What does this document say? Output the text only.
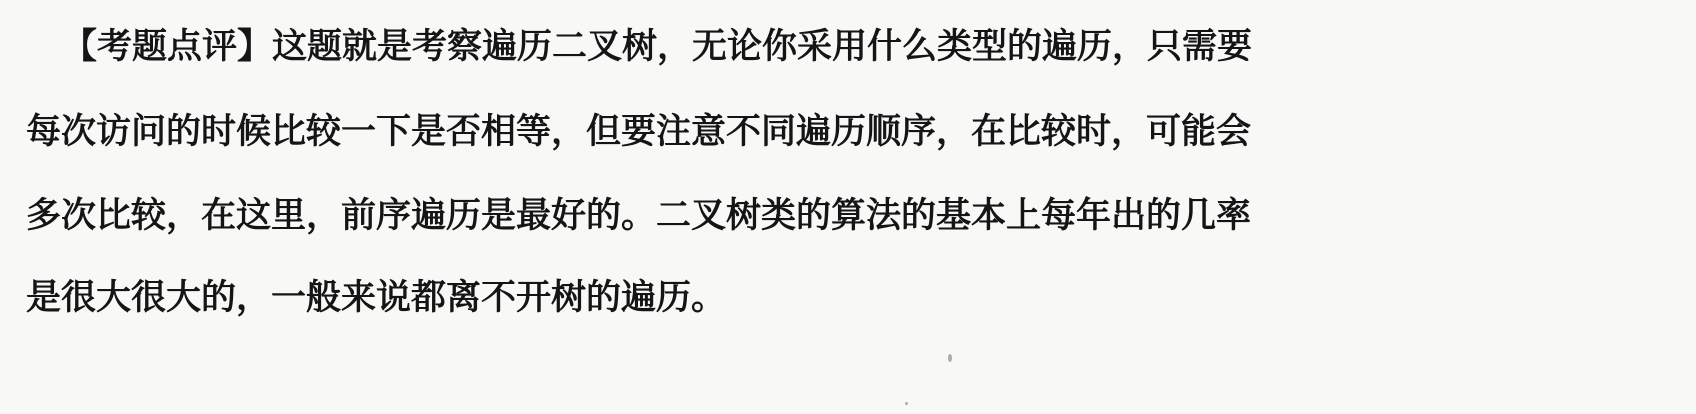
【考题点评】这题就是考察遍历二叉树，无论你采用什么类型的遍历，只需要
每次访问的时候比较一下是否相等，但要注意不同遍历顺序，在比较时，可能会
多次比较，在这里，前序遍历是最好的。二叉树类的算法的基本上每年出的几率
是很大很大的，一般来说都离不开树的遍历。
